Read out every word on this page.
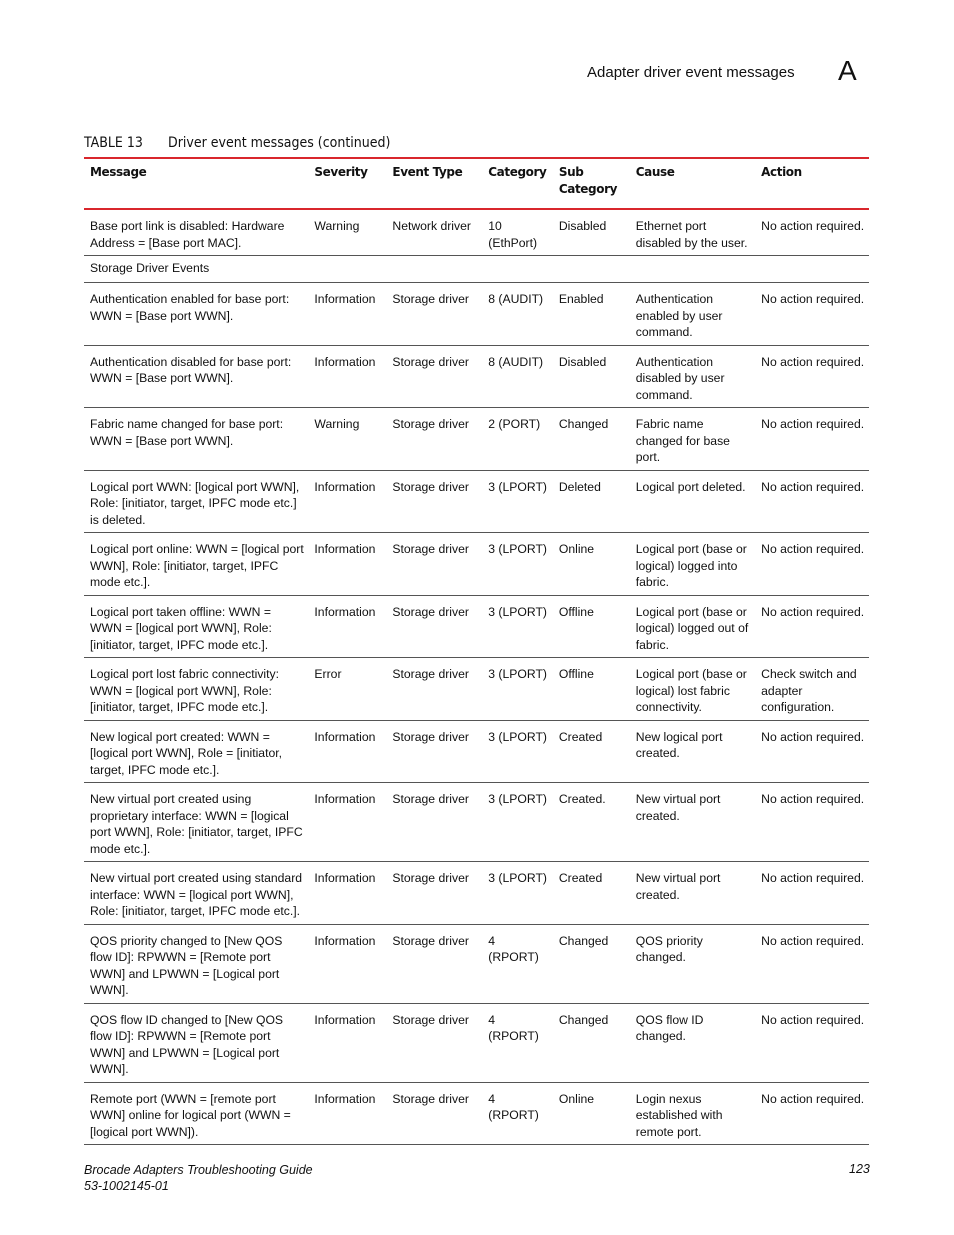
Adapter driver event messages A
TABLE 13 Driver event messages (continued)
Message	Severity	Event Type	Category	Sub Category	Cause	Action
Base port link is disabled: Hardware Address = [Base port MAC].	Warning	Network driver	10 (EthPort)	Disabled	Ethernet port disabled by the user.	No action required.
Storage Driver Events						
Authentication enabled for base port: WWN = [Base port WWN].	Information	Storage driver	8 (AUDIT)	Enabled	Authentication enabled by user command.	No action required.
Authentication disabled for base port: WWN = [Base port WWN].	Information	Storage driver	8 (AUDIT)	Disabled	Authentication disabled by user command.	No action required.
Fabric name changed for base port: WWN = [Base port WWN].	Warning	Storage driver	2 (PORT)	Changed	Fabric name changed for base port.	No action required.
Logical port WWN: [logical port WWN], Role: [initiator, target, IPFC mode etc.] is deleted.	Information	Storage driver	3 (LPORT)	Deleted	Logical port deleted.	No action required.
Logical port online: WWN = [logical port WWN], Role: [initiator, target, IPFC mode etc.].	Information	Storage driver	3 (LPORT)	Online	Logical port (base or logical) logged into fabric.	No action required.
Logical port taken offline: WWN = WWN = [logical port WWN], Role: [initiator, target, IPFC mode etc.].	Information	Storage driver	3 (LPORT)	Offline	Logical port (base or logical) logged out of fabric.	No action required.
Logical port lost fabric connectivity: WWN = [logical port WWN], Role: [initiator, target, IPFC mode etc.].	Error	Storage driver	3 (LPORT)	Offline	Logical port (base or logical) lost fabric connectivity.	Check switch and adapter configuration.
New logical port created: WWN = [logical port WWN], Role = [initiator, target, IPFC mode etc.].	Information	Storage driver	3 (LPORT)	Created	New logical port created.	No action required.
New virtual port created using proprietary interface: WWN = [logical port WWN], Role: [initiator, target, IPFC mode etc.].	Information	Storage driver	3 (LPORT)	Created.	New virtual port created.	No action required.
New virtual port created using standard interface: WWN = [logical port WWN], Role: [initiator, target, IPFC mode etc.].	Information	Storage driver	3 (LPORT)	Created	New virtual port created.	No action required.
QOS priority changed to [New QOS flow ID]: RPWWN = [Remote port WWN] and LPWWN = [Logical port WWN].	Information	Storage driver	4 (RPORT)	Changed	QOS priority changed.	No action required.
QOS flow ID changed to [New QOS flow ID]: RPWWN = [Remote port WWN] and LPWWN = [Logical port WWN].	Information	Storage driver	4 (RPORT)	Changed	QOS flow ID changed.	No action required.
Remote port (WWN = [remote port WWN] online for logical port (WWN = [logical port WWN]).	Information	Storage driver	4 (RPORT)	Online	Login nexus established with remote port.	No action required.
Brocade Adapters Troubleshooting Guide
53-1002145-01
123
